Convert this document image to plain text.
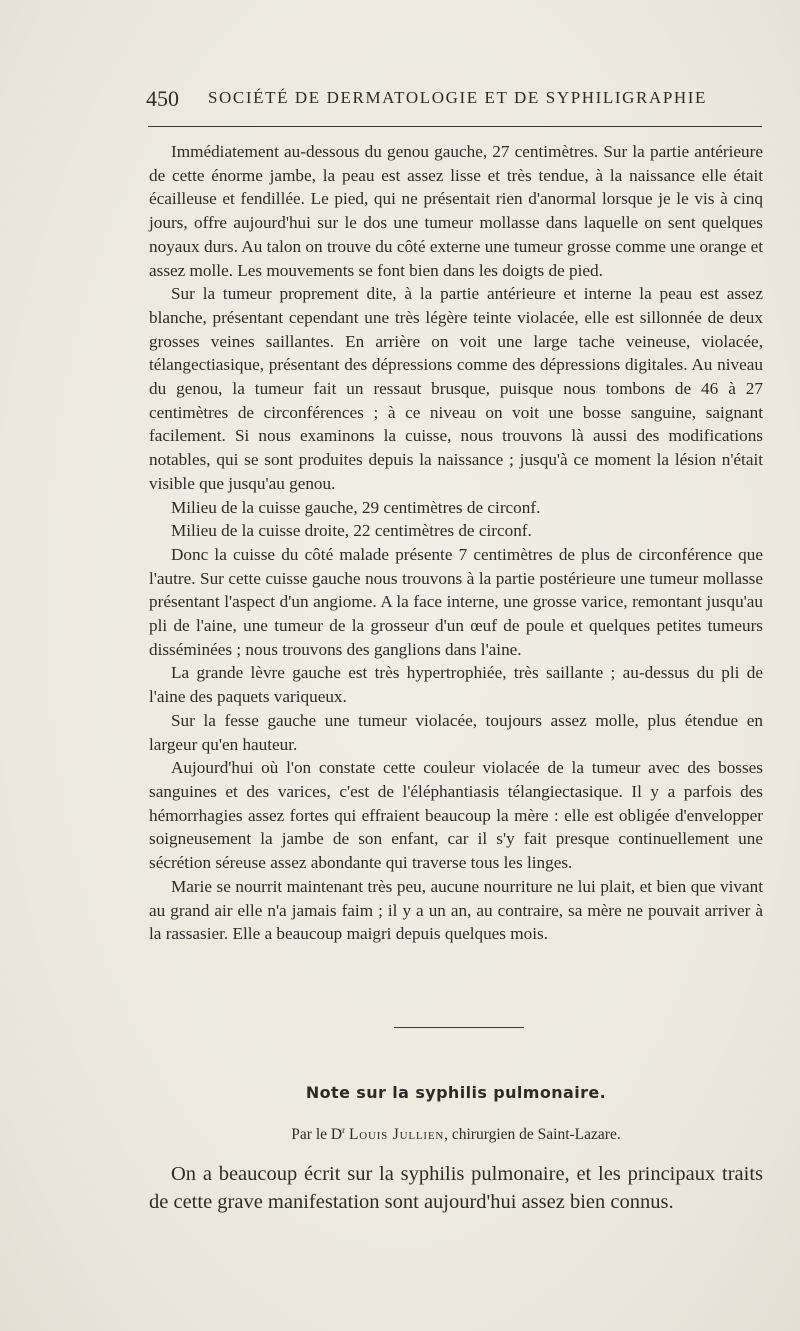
450 SOCIÉTÉ DE DERMATOLOGIE ET DE SYPHILIGRAPHIE

Immédiatement au-dessous du genou gauche, 27 centimètres. Sur la partie antérieure de cette énorme jambe, la peau est assez lisse et très tendue, à la naissance elle était écailleuse et fendillée. Le pied, qui ne présentait rien d'anormal lorsque je le vis à cinq jours, offre aujourd'hui sur le dos une tumeur mollasse dans laquelle on sent quelques noyaux durs. Au talon on trouve du côté externe une tumeur grosse comme une orange et assez molle. Les mouvements se font bien dans les doigts de pied.

Sur la tumeur proprement dite, à la partie antérieure et interne la peau est assez blanche, présentant cependant une très légère teinte violacée, elle est sillonnée de deux grosses veines saillantes. En arrière on voit une large tache veineuse, violacée, télangectiasique, présentant des dépressions comme des dépressions digitales. Au niveau du genou, la tumeur fait un ressaut brusque, puisque nous tombons de 46 à 27 centimètres de circonférences ; à ce niveau on voit une bosse sanguine, saignant facilement. Si nous examinons la cuisse, nous trouvons là aussi des modifications notables, qui se sont produites depuis la naissance ; jusqu'à ce moment la lésion n'était visible que jusqu'au genou.

Milieu de la cuisse gauche, 29 centimètres de circonf.

Milieu de la cuisse droite, 22 centimètres de circonf.

Donc la cuisse du côté malade présente 7 centimètres de plus de circonférence que l'autre. Sur cette cuisse gauche nous trouvons à la partie postérieure une tumeur mollasse présentant l'aspect d'un angiome. A la face interne, une grosse varice, remontant jusqu'au pli de l'aine, une tumeur de la grosseur d'un œuf de poule et quelques petites tumeurs disséminées ; nous trouvons des ganglions dans l'aine.

La grande lèvre gauche est très hypertrophiée, très saillante ; au-dessus du pli de l'aine des paquets variqueux.

Sur la fesse gauche une tumeur violacée, toujours assez molle, plus étendue en largeur qu'en hauteur.

Aujourd'hui où l'on constate cette couleur violacée de la tumeur avec des bosses sanguines et des varices, c'est de l'éléphantiasis télangiectasique. Il y a parfois des hémorrhagies assez fortes qui effraient beaucoup la mère : elle est obligée d'envelopper soigneusement la jambe de son enfant, car il s'y fait presque continuellement une sécrétion séreuse assez abondante qui traverse tous les linges.

Marie se nourrit maintenant très peu, aucune nourriture ne lui plait, et bien que vivant au grand air elle n'a jamais faim ; il y a un an, au contraire, sa mère ne pouvait arriver à la rassasier. Elle a beaucoup maigri depuis quelques mois.

Note sur la syphilis pulmonaire.
Par le $D^r$ Louis Jullien, chirurgien de Saint-Lazare.

On a beaucoup écrit sur la syphilis pulmonaire, et les principaux traits de cette grave manifestation sont aujourd'hui assez bien connus.
